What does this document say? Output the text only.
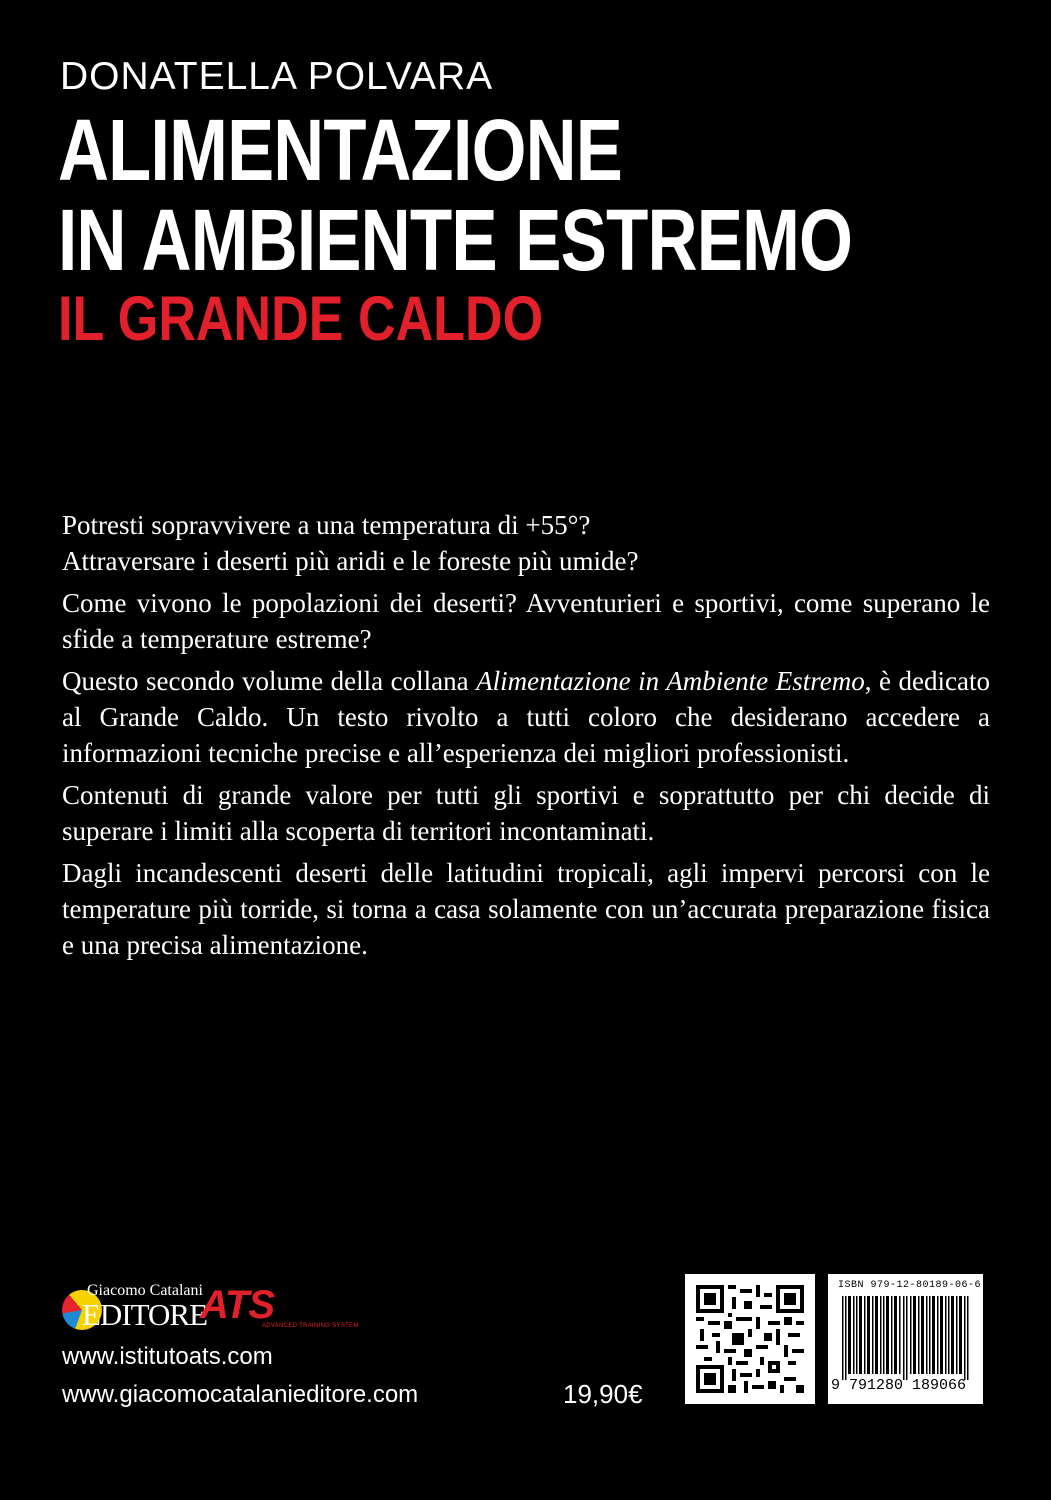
DONATELLA POLVARA
ALIMENTAZIONE
IN AMBIENTE ESTREMO
IL GRANDE CALDO

Potresti sopravvivere a una temperatura di +55°?

Attraversare i deserti più aridi e le foreste più umide?

Come vivono le popolazioni dei deserti? Avventurieri e sportivi, come superano le sfide a temperature estreme?

Questo secondo volume della collana Alimentazione in Ambiente Estremo, è dedicato al Grande Caldo. Un testo rivolto a tutti coloro che desiderano accedere a informazioni tecniche precise e all’esperienza dei migliori professionisti.

Contenuti di grande valore per tutti gli sportivi e soprattutto per chi decide di superare i limiti alla scoperta di territori incontaminati.

Dagli incandescenti deserti delle latitudini tropicali, agli impervi percorsi con le temperature più torride, si torna a casa solamente con un’accurata preparazione fisica e una precisa alimentazione.

Giacomo Catalani
EDITORE
ATS
ADVANCED TRAINING SYSTEM
www.istitutoats.com
www.giacomocatalanieditore.com	19,90€
ISBN 979-12-80189-06-6
9 791280 189066
